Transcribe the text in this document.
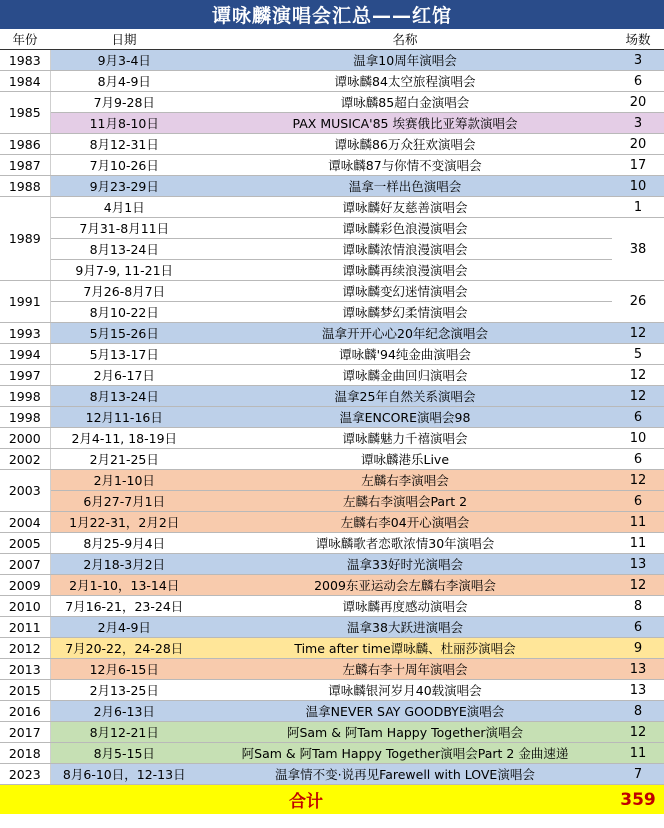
谭咏麟演唱会汇总——红馆
年份	日期	名称	场数
1983	9月3-4日	温拿10周年演唱会	3
1984	8月4-9日	谭咏麟84太空旅程演唱会	6
1985	7月9-28日	谭咏麟85超白金演唱会	20
	11月8-10日	PAX MUSICA'85 埃赛俄比亚筹款演唱会	3
1986	8月12-31日	谭咏麟86万众狂欢演唱会	20
1987	7月10-26日	谭咏麟87与你情不变演唱会	17
1988	9月23-29日	温拿一样出色演唱会	10
1989	4月1日	谭咏麟好友慈善演唱会	1
	7月31-8月11日	谭咏麟彩色浪漫演唱会	38
	8月13-24日	谭咏麟浓情浪漫演唱会	
	9月7-9, 11-21日	谭咏麟再续浪漫演唱会	
1991	7月26-8月7日	谭咏麟变幻迷情演唱会	26
	8月10-22日	谭咏麟梦幻柔情演唱会	
1993	5月15-26日	温拿开开心心20年纪念演唱会	12
1994	5月13-17日	谭咏麟'94纯金曲演唱会	5
1997	2月6-17日	谭咏麟金曲回归演唱会	12
1998	8月13-24日	温拿25年自然关系演唱会	12
1998	12月11-16日	温拿ENCORE演唱会98	6
2000	2月4-11, 18-19日	谭咏麟魅力千禧演唱会	10
2002	2月21-25日	谭咏麟港乐Live	6
2003	2月1-10日	左麟右李演唱会	12
	6月27-7月1日	左麟右李演唱会Part 2	6
2004	1月22-31，2月2日	左麟右李04开心演唱会	11
2005	8月25-9月4日	谭咏麟歌者恋歌浓情30年演唱会	11
2007	2月18-3月2日	温拿33好时光演唱会	13
2009	2月1-10，13-14日	2009东亚运动会左麟右李演唱会	12
2010	7月16-21，23-24日	谭咏麟再度感动演唱会	8
2011	2月4-9日	温拿38大跃进演唱会	6
2012	7月20-22，24-28日	Time after time谭咏麟、杜丽莎演唱会	9
2013	12月6-15日	左麟右李十周年演唱会	13
2015	2月13-25日	谭咏麟银河岁月40载演唱会	13
2016	2月6-13日	温拿NEVER SAY GOODBYE演唱会	8
2017	8月12-21日	阿Sam & 阿Tam Happy Together演唱会	12
2018	8月5-15日	阿Sam & 阿Tam Happy Together演唱会Part 2 金曲速递	11
2023	8月6-10日，12-13日	温拿情不变·说再见Farewell with LOVE演唱会	7
合计			359
